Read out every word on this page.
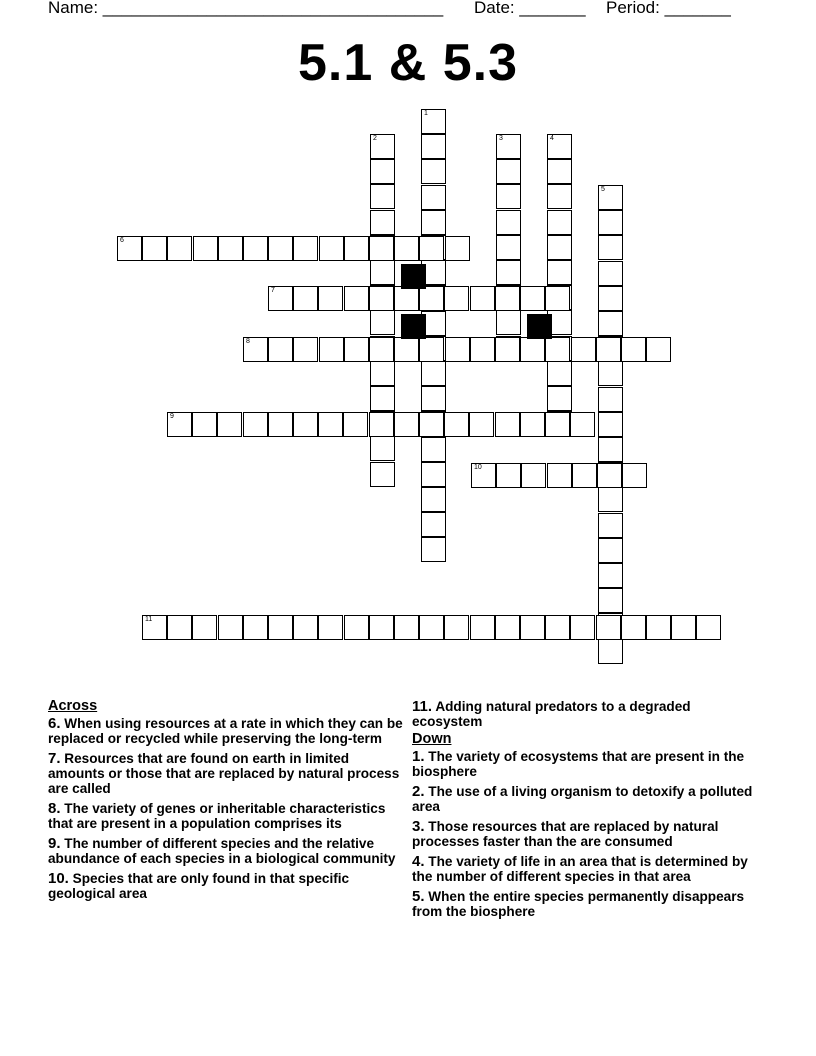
Name: ____________________________________ Date: _______ Period: _______
5.1 & 5.3
1
2	3	4
5
6
7
8
9
10
11
Across
6. When using resources at a rate in which they can be replaced or recycled while preserving the long-term
7. Resources that are found on earth in limited amounts or those that are replaced by natural process are called
8. The variety of genes or inheritable characteristics that are present in a population comprises its
9. The number of different species and the relative abundance of each species in a biological community
10. Species that are only found in that specific geological area
11. Adding natural predators to a degraded ecosystem
Down
1. The variety of ecosystems that are present in the biosphere
2. The use of a living organism to detoxify a polluted area
3. Those resources that are replaced by natural processes faster than the are consumed
4. The variety of life in an area that is determined by the number of different species in that area
5. When the entire species permanently disappears from the biosphere
